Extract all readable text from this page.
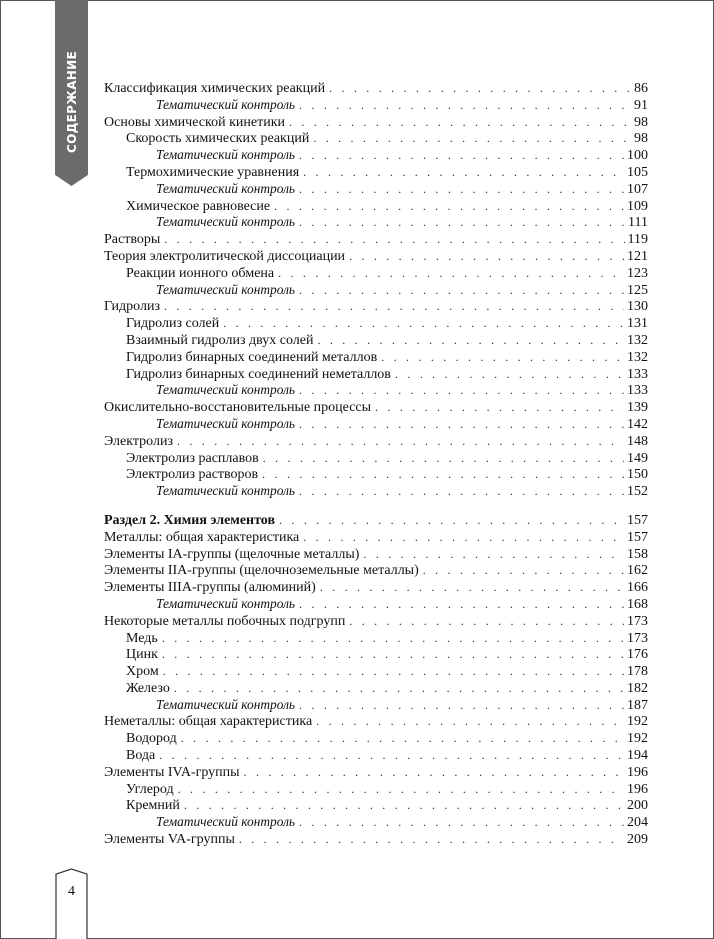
СОДЕРЖАНИЕ
4
Классификация химических реакций . . .	86
Тематический контроль . . .	91
Основы химической кинетики . . .	98
Скорость химических реакций . . .	98
Тематический контроль . . .	100
Термохимические уравнения . . .	105
Тематический контроль . . .	107
Химическое равновесие . . .	109
Тематический контроль . . .	111
Растворы . . .	119
Теория электролитической диссоциации . . .	121
Реакции ионного обмена . . .	123
Тематический контроль . . .	125
Гидролиз . . .	130
Гидролиз солей . . .	131
Взаимный гидролиз двух солей . . .	132
Гидролиз бинарных соединений металлов . . .	132
Гидролиз бинарных соединений неметаллов . . .	133
Тематический контроль . . .	133
Окислительно-восстановительные процессы . . .	139
Тематический контроль . . .	142
Электролиз . . .	148
Электролиз расплавов . . .	149
Электролиз растворов . . .	150
Тематический контроль . . .	152
Раздел 2. Химия элементов . . .	157
Металлы: общая характеристика . . .	157
Элементы IA-группы (щелочные металлы) . . .	158
Элементы IIA-группы (щелочноземельные металлы) . . .	162
Элементы IIIA-группы (алюминий) . . .	166
Тематический контроль . . .	168
Некоторые металлы побочных подгрупп . . .	173
Медь . . .	173
Цинк . . .	176
Хром . . .	178
Железо . . .	182
Тематический контроль . . .	187
Неметаллы: общая характеристика . . .	192
Водород . . .	192
Вода . . .	194
Элементы IVA-группы . . .	196
Углерод . . .	196
Кремний . . .	200
Тематический контроль . . .	204
Элементы VA-группы . . .	209
